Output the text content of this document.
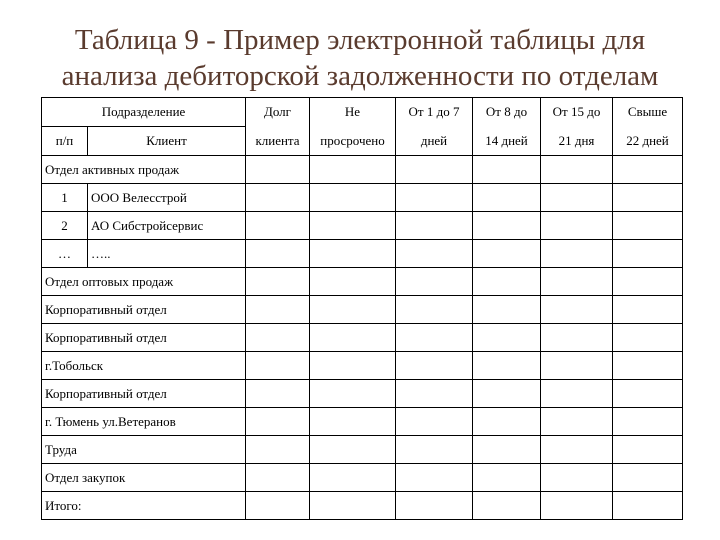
Таблица 9 - Пример электронной таблицы для
анализа дебиторской задолженности по отделам
Подразделение		Долг	Не	От 1 до 7	От 8 до	От 15 до	Свыше
п/п	Клиент	клиента	просрочено	дней	14 дней	21 дня	22 дней
Отдел активных продаж							
1	ООО Велесстрой						
2	АО Сибстройсервис						
…	…..						
Отдел оптовых продаж							
Корпоративный отдел							
Корпоративный отдел							
г.Тобольск							
Корпоративный отдел							
г. Тюмень ул.Ветеранов							
Труда							
Отдел закупок							
Итого:							
